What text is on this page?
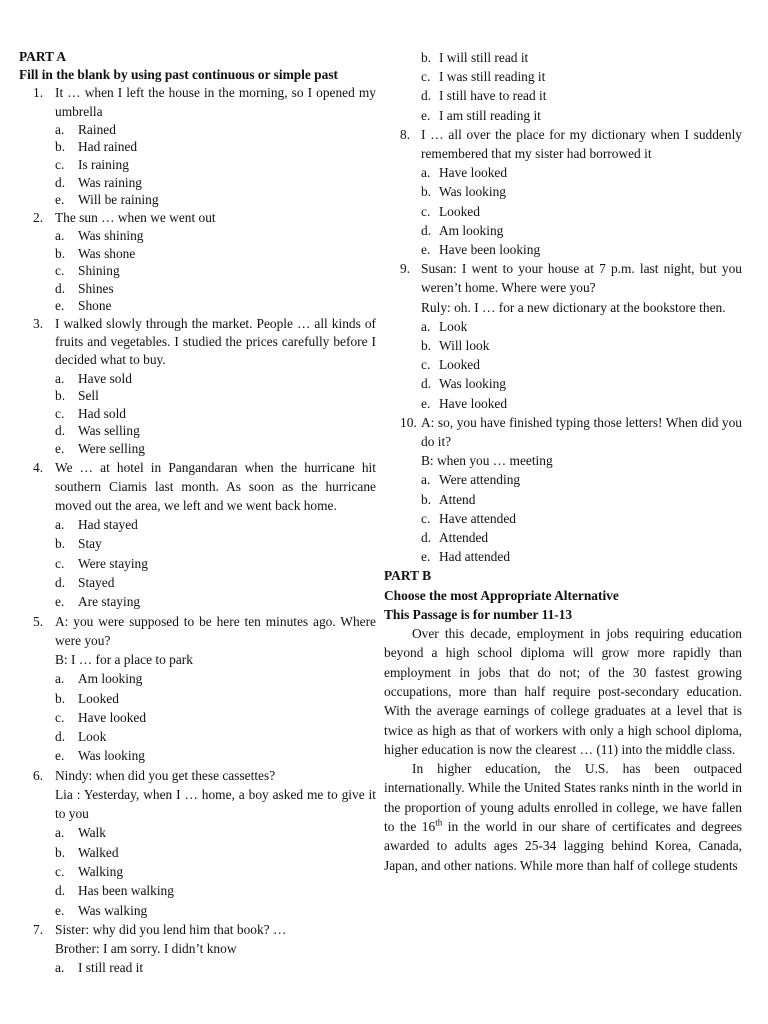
PART A
Fill in the blank by using past continuous or simple past
1. It … when I left the house in the morning, so I opened my umbrella
a. Rained
b. Had rained
c. Is raining
d. Was raining
e. Will be raining
2. The sun … when we went out
a. Was shining
b. Was shone
c. Shining
d. Shines
e. Shone
3. I walked slowly through the market. People … all kinds of fruits and vegetables. I studied the prices carefully before I decided what to buy.
a. Have sold
b. Sell
c. Had sold
d. Was selling
e. Were selling
4. We … at hotel in Pangandaran when the hurricane hit southern Ciamis last month. As soon as the hurricane moved out the area, we left and we went back home.
a. Had stayed
b. Stay
c. Were staying
d. Stayed
e. Are staying
5. A: you were supposed to be here ten minutes ago. Where were you?
B: I … for a place to park
a. Am looking
b. Looked
c. Have looked
d. Look
e. Was looking
6. Nindy: when did you get these cassettes?
Lia : Yesterday, when I … home, a boy asked me to give it to you
a. Walk
b. Walked
c. Walking
d. Has been walking
e. Was walking
7. Sister: why did you lend him that book? …
Brother: I am sorry. I didn’t know
a. I still read it
b. I will still read it
c. I was still reading it
d. I still have to read it
e. I am still reading it
8. I … all over the place for my dictionary when I suddenly remembered that my sister had borrowed it
a. Have looked
b. Was looking
c. Looked
d. Am looking
e. Have been looking
9. Susan: I went to your house at 7 p.m. last night, but you weren’t home. Where were you?
Ruly: oh. I … for a new dictionary at the bookstore then.
a. Look
b. Will look
c. Looked
d. Was looking
e. Have looked
10. A: so, you have finished typing those letters! When did you do it?
B: when you … meeting
a. Were attending
b. Attend
c. Have attended
d. Attended
e. Had attended
PART B
Choose the most Appropriate Alternative
This Passage is for number 11-13
Over this decade, employment in jobs requiring education beyond a high school diploma will grow more rapidly than employment in jobs that do not; of the 30 fastest growing occupations, more than half require post-secondary education. With the average earnings of college graduates at a level that is twice as high as that of workers with only a high school diploma, higher education is now the clearest … (11) into the middle class.
In higher education, the U.S. has been outpaced internationally. While the United States ranks ninth in the world in the proportion of young adults enrolled in college, we have fallen to the 16th in the world in our share of certificates and degrees awarded to adults ages 25-34 lagging behind Korea, Canada, Japan, and other nations. While more than half of college students
